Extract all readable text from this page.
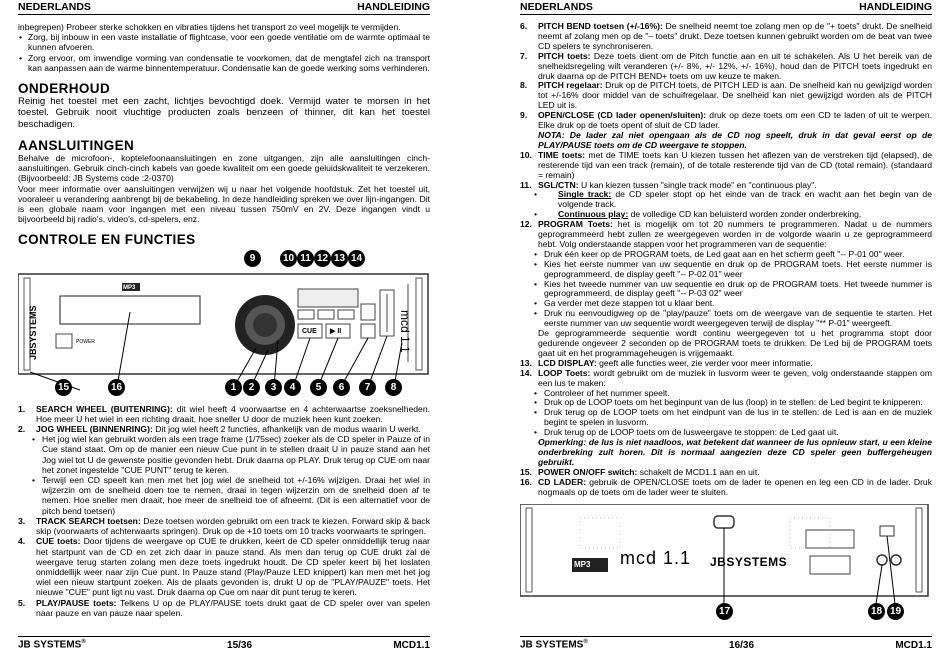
NEDERLANDS	HANDLEIDING
inbegrepen) Probeer sterke schokken en vibraties tijdens het transport zo veel mogelijk te vermijden.
• Zorg, bij inbouw in een vaste installatie of flightcase, voor een goede ventilatie om de warmte optimaal te kunnen afvoeren.
• Zorg ervoor, om inwendige vorming van condensatie te voorkomen, dat de mengtafel zich na transport kan aanpassen aan de warme binnentemperatuur. Condensatie kan de goede werking soms verhinderen.
ONDERHOUD
Reinig het toestel met een zacht, lichtjes bevochtigd doek. Vermijd water te morsen in het toestel. Gebruik nooit vluchtige producten zoals benzeen of thinner, dit kan het toestel beschadigen.
AANSLUITINGEN
Behalve de microfoon-, koptelefoonaansluitingen en zone uitgangen, zijn alle aansluitingen cinch-aansluitingen. Gebruik cinch-cinch kabels van goede kwaliteit om een goede geluidskwaliteit te verzekeren. (Bijvoorbeeld: JB Systems code :2-0370)
Voor meer informatie over aansluitingen verwijzen wij u naar het volgende hoofdstuk. Zet het toestel uit, vooraleer u verandering aanbrengt bij de bekabeling. In deze handleiding spreken we over lijn-ingangen. Dit is een globale naam voor ingangen met een niveau tussen 750mV en 2V. Deze ingangen vindt u bijvoorbeeld bij radio's, video's, cd-spelers, enz.
CONTROLE EN FUNCTIES
9	10 11 12 13 14
JBSYSTEMS
MP3
mcd 1.1
POWER
CUE ▶ II
15	16	1	2	3	4	5	6	7	8
1. SEARCH WHEEL (BUITENRING): dit wiel heeft 4 voorwaartse en 4 achterwaartse zoeksnelheden. Hoe meer U het wiel in een richting draait, hoe sneller U door de muziek heen kunt zoeken.
2. JOG WHEEL (BINNENRING): Dit jog wiel heeft 2 functies, afhankelijk van de modus waarin U werkt.
• Het jog wiel kan gebruikt worden als een trage frame (1/75sec) zoeker als de CD speler in Pauze of in Cue stand staat. Om op de manier een nieuw Cue punt in te stellen draait U in pauze stand aan het Jog wiel tot U de gewenste positie gevonden hebt. Druk daarna op PLAY. Druk terug op CUE om naar het zonet ingestelde "CUE PUNT" terug te keren.
• Terwijl een CD speelt kan men met het jog wiel de snelheid tot +/-16% wijzigen. Draai het wiel in wijzerzin om de snelheid doen toe te nemen, draai in tegen wijzerzin om de snelheid doen af te nemen. Hoe sneller men draait, hoe meer de snelheid toe of afneemt. (Dit is een alternatief voor de pitch bend toetsen)
3. TRACK SEARCH toetsen: Deze toetsen worden gebruikt om een track te kiezen. Forward skip & back skip (voorwaarts of achterwaarts springen). Druk op de +10 toets om 10 tracks voorwaarts te springen.
4. CUE toets: Door tijdens de weergave op CUE te drukken, keert de CD speler onmiddellijk terug naar het startpunt van de CD en zet zich daar in pauze stand. Als men dan terug op CUE drukt zal de weergave terug starten zolang men deze toets ingedrukt houdt. De CD speler keert bij het loslaten onmiddellijk weer naar zijn Cue punt. In Pauze stand (Play/Pauze LED knippert) kan men met het jog wiel een nieuw startpunt zoeken. Als de plaats gevonden is, drukt U op de "PLAY/PAUZE" toets. Het nieuwe "CUE" punt ligt nu vast. Druk daarna op Cue om naar dit punt terug te keren.
5. PLAY/PAUSE toets: Telkens U op de PLAY/PAUSE toets drukt gaat de CD speler over van spelen naar pauze en van pauze naar spelen.
JB SYSTEMS®	15/36	MCD1.1
NEDERLANDS	HANDLEIDING
6. PITCH BEND toetsen (+/-16%): De snelheid neemt toe zolang men op de "+ toets" drukt. De snelheid neemt af zolang men op de "– toets" drukt. Deze toetsen kunnen gebruikt worden om de beat van twee CD spelers te synchroniseren.
7. PITCH toets: Deze toets dient om de Pitch functie aan en uit te schakelen. Als U het bereik van de snelheidsregeling wilt veranderen (+/- 8%, +/- 12%, +/- 16%), houd dan de PITCH toets ingedrukt en druk daarna op de PITCH BEND+ toets om uw keuze te maken.
8. PITCH regelaar: Druk op de PITCH toets, de PITCH LED is aan. De snelheid kan nu gewijzigd worden tot +/-16% door middel van de schuifregelaar. De snelheid kan niet gewijzigd worden als de PITCH LED uit is.
9. OPEN/CLOSE (CD lader openen/sluiten): druk op deze toets om een CD te laden of uit te werpen. Elke druk op de toets opent of sluit de CD lader.
NOTA: De lader zal niet opengaan als de CD nog speelt, druk in dat geval eerst op de PLAY/PAUSE toets om de CD weergave te stoppen.
10. TIME toets: met de TIME toets kan U kiezen tussen het aflezen van de verstreken tijd (elapsed), de resterende tijd van een track (remain), of de totale resterende tijd van de CD (total remain). (standaard = remain)
11. SGL/CTN: U kan kiezen tussen "single track mode" en "continuous play".
• Single track: de CD speler stopt op het einde van de track en wacht aan het begin van de volgende track.
• Continuous play: de volledige CD kan beluisterd worden zonder onderbreking.
12. PROGRAM Toets: het is mogelijk om tot 20 nummers te programmeren. Nadat u de nummers geprogrammeerd hebt zullen ze weergegeven worden in de volgorde waarin u ze geprogrammeerd hebt. Volg onderstaande stappen voor het programmeren van de sequentie:
• Druk één keer op de PROGRAM toets, de Led gaat aan en het scherm geeft "-- P-01 00" weer.
• Kies het eerste nummer van uw sequentie en druk op de PROGRAM toets. Het eerste nummer is geprogrammeerd, de display geeft "-- P-02 01" weer
• Kies het tweede nummer van uw sequentie en druk op de PROGRAM toets. Het tweede nummer is geprogrammeerd, de display geeft "-- P-03 02" weer
• Ga verder met deze stappen tot u klaar bent.
• Druk nu eenvoudigweg op de "play/pauze" toets om de weergave van de sequentie te starten. Het eerste nummer van uw sequentie wordt weergegeven terwijl de display "** P-01" weergeeft.
De geprogrammeerde sequentie wordt continu weergegeven tot u het programma stopt door gedurende ongeveer 2 seconden op de PROGRAM toets te drukken. De Led bij de PROGRAM toets gaat uit en het programmageheugen is vrijgemaakt.
13. LCD DISPLAY: geeft alle functies weer, zie verder voor meer informatie.
14. LOOP Toets: wordt gebruikt om de muziek in lusvorm weer te geven, volg onderstaande stappen om een lus te maken:
• Controleer of het nummer speelt.
• Druk op de LOOP toets om het beginpunt van de lus (loop) in te stellen: de Led begint te knipperen.
• Druk terug op de LOOP toets om het eindpunt van de lus in te stellen: de Led is aan en de muziek begint te spelen in lusvorm.
• Druk terug op de LOOP toets om de lusweergave te stoppen: de Led gaat uit.
Opmerking: de lus is niet naadloos, wat betekent dat wanneer de lus opnieuw start, u een kleine onderbreking zult horen. Dit is normaal aangezien deze CD speler geen buffergeheugen gebruikt.
15. POWER ON/OFF switch: schakelt de MCD1.1 aan en uit.
16. CD LADER: gebruik de OPEN/CLOSE toets om de lader te openen en leg een CD in de lader. Druk nogmaals op de toets om de lader weer te sluiten.
MP3 mcd 1.1 JBSYSTEMS
17	18 19
JB SYSTEMS®	16/36	MCD1.1
